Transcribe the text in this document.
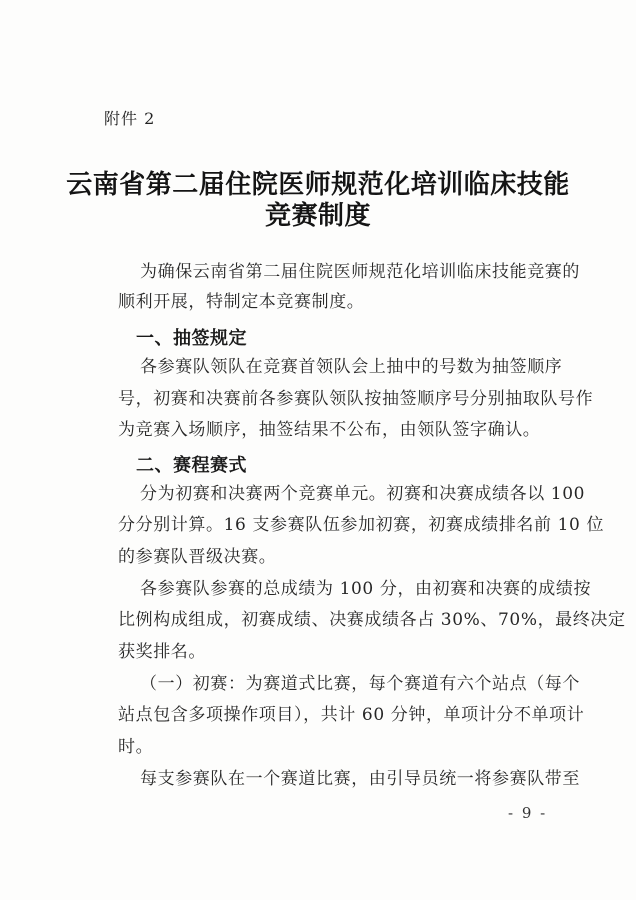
附件 2
云南省第二届住院医师规范化培训临床技能
竞赛制度
为确保云南省第二届住院医师规范化培训临床技能竞赛的
顺利开展，特制定本竞赛制度。
一、抽签规定
各参赛队领队在竞赛首领队会上抽中的号数为抽签顺序
号，初赛和决赛前各参赛队领队按抽签顺序号分别抽取队号作
为竞赛入场顺序，抽签结果不公布，由领队签字确认。
二、赛程赛式
分为初赛和决赛两个竞赛单元。初赛和决赛成绩各以 100
分分别计算。16 支参赛队伍参加初赛，初赛成绩排名前 10 位
的参赛队晋级决赛。
各参赛队参赛的总成绩为 100 分，由初赛和决赛的成绩按
比例构成组成，初赛成绩、决赛成绩各占 30%、70%，最终决定
获奖排名。
（一）初赛：为赛道式比赛，每个赛道有六个站点（每个
站点包含多项操作项目），共计 60 分钟，单项计分不单项计
时。
每支参赛队在一个赛道比赛，由引导员统一将参赛队带至
- 9 -
